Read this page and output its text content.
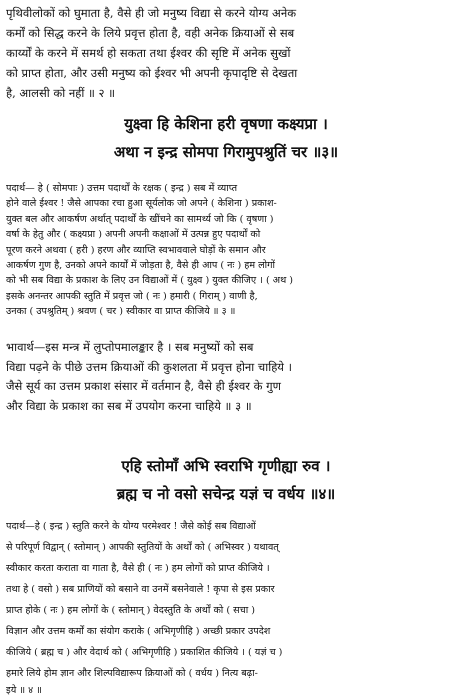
पृथिवीलोकों को घुमाता है, वैसे ही जो मनुष्य विद्या से करने योग्य अनेक
कर्मों को सिद्ध करने के लिये प्रवृत्त होता है, वही अनेक क्रियाओं से सब
कार्य्यों के करने में समर्थ हो सकता तथा ईश्वर की सृष्टि में अनेक सुखों
को प्राप्त होता, और उसी मनुष्य को ईश्वर भी अपनी कृपादृष्टि से देखता
है, आलसी को नहीं ॥ २ ॥
युक्ष्वा हि केशिना हरी वृषणा कक्ष्यप्रा ।
अथा न इन्द्र सोमपा गिरामुपश्रुतिं चर ॥३॥
पदार्थ— हे ( सोमपाः ) उत्तम पदार्थों के रक्षक ( इन्द्र ) सब में व्याप्त
होने वाले ईश्वर ! जैसे आपका रचा हुआ सूर्यलोक जो अपने ( केशिना ) प्रकाश-
युक्त बल और आकर्षण अर्थात् पदार्थों के खींचने का सामर्थ्य जो कि ( वृषणा )
वर्षा के हेतु और ( कक्ष्यप्रा ) अपनी अपनी कक्षाओं में उत्पन्न हुए पदार्थों को
पूरण करने अथवा ( हरी ) हरण और व्याप्ति स्वभाववाले घोड़ों के समान और
आकर्षण गुण है, उनको अपने कार्यों में जोड़ता है, वैसे ही आप ( नः ) हम लोगों
को भी सब विद्या के प्रकाश के लिए उन विद्याओं में ( युक्ष्व ) युक्त कीजिए । ( अथ )
इसके अनन्तर आपकी स्तुति में प्रवृत्त जो ( नः ) हमारी ( गिराम् ) वाणी है,
उनका ( उपश्रुतिम् ) श्रवण ( चर ) स्वीकार वा प्राप्त कीजिये ॥ ३ ॥
भावार्थ—इस मन्त्र में लुप्तोपमालङ्कार है । सब मनुष्यों को सब
विद्या पढ़ने के पीछे उत्तम क्रियाओं की कुशलता में प्रवृत्त होना चाहिये ।
जैसे सूर्य का उत्तम प्रकाश संसार में वर्तमान है, वैसे ही ईश्वर के गुण
और विद्या के प्रकाश का सब में उपयोग करना चाहिये ॥ ३ ॥
एहि स्तोमाँ अभि स्वराभि गृणीह्या रुव ।
ब्रह्म च नो वसो सचेन्द्र यज्ञं च वर्धय ॥४॥
पदार्थ—हे ( इन्द्र ) स्तुति करने के योग्य परमेश्वर ! जैसे कोई सब विद्याओं
से परिपूर्ण विद्वान् ( स्तोमान् ) आपकी स्तुतियों के अर्थों को ( अभिस्वर ) यथावत्
स्वीकार करता कराता वा गाता है, वैसे ही ( नः ) हम लोगों को प्राप्त कीजिये ।
तथा हे ( वसो ) सब प्राणियों को बसाने वा उनमें बसनेवाले ! कृपा से इस प्रकार
प्राप्त होके ( नः ) हम लोगों के ( स्तोमान् ) वेदस्तुति के अर्थों को ( सचा )
विज्ञान और उत्तम कर्मों का संयोग कराके ( अभिगृणीहि ) अच्छी प्रकार उपदेश
कीजिये ( ब्रह्म च ) और वेदार्थ को ( अभिगृणीहि ) प्रकाशित कीजिये । ( यज्ञं च )
हमारे लिये होम ज्ञान और शिल्पविद्यारूप क्रियाओं को ( वर्धय ) नित्य बढ़ा-
इये ॥ ४ ॥
